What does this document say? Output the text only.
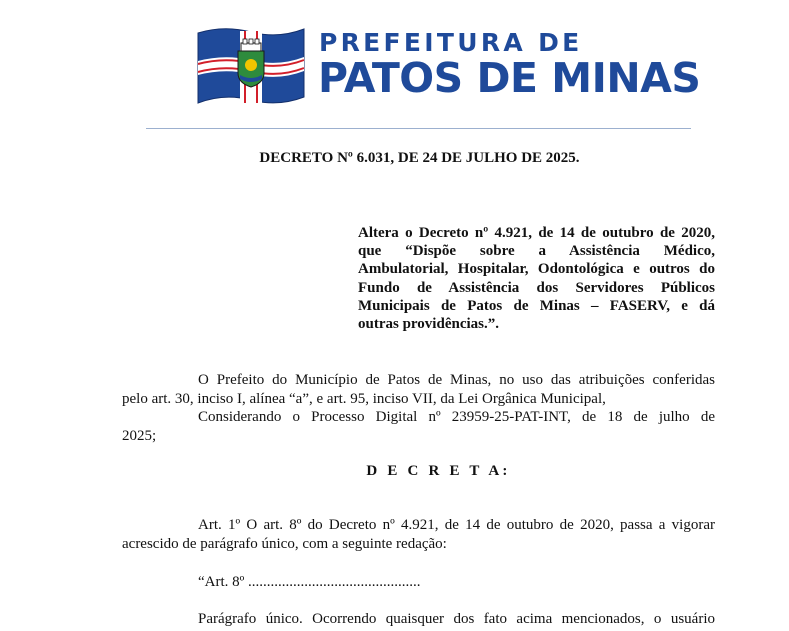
PREFEITURA DE

PATOS DE MINAS

DECRETO Nº 6.031, DE 24 DE JULHO DE 2025.

Altera o Decreto nº 4.921, de 14 de outubro de 2020,
que “Dispõe sobre a Assistência Médico,
Ambulatorial, Hospitalar, Odontológica e outros do
Fundo de Assistência dos Servidores Públicos
Municipais de Patos de Minas – FASERV, e dá
outras providências.”.
O Prefeito do Município de Patos de Minas, no uso das atribuições conferidas
pelo art. 30, inciso I, alínea “a”, e art. 95, inciso VII, da Lei Orgânica Municipal,
Considerando o Processo Digital nº 23959-25-PAT-INT, de 18 de julho de
2025;

D E C R E T A:

Art. 1º O art. 8º do Decreto nº 4.921, de 14 de outubro de 2020, passa a vigorar
acrescido de parágrafo único, com a seguinte redação:
“Art. 8º ..............................................
Parágrafo único. Ocorrendo quaisquer dos fato acima mencionados, o usuário
